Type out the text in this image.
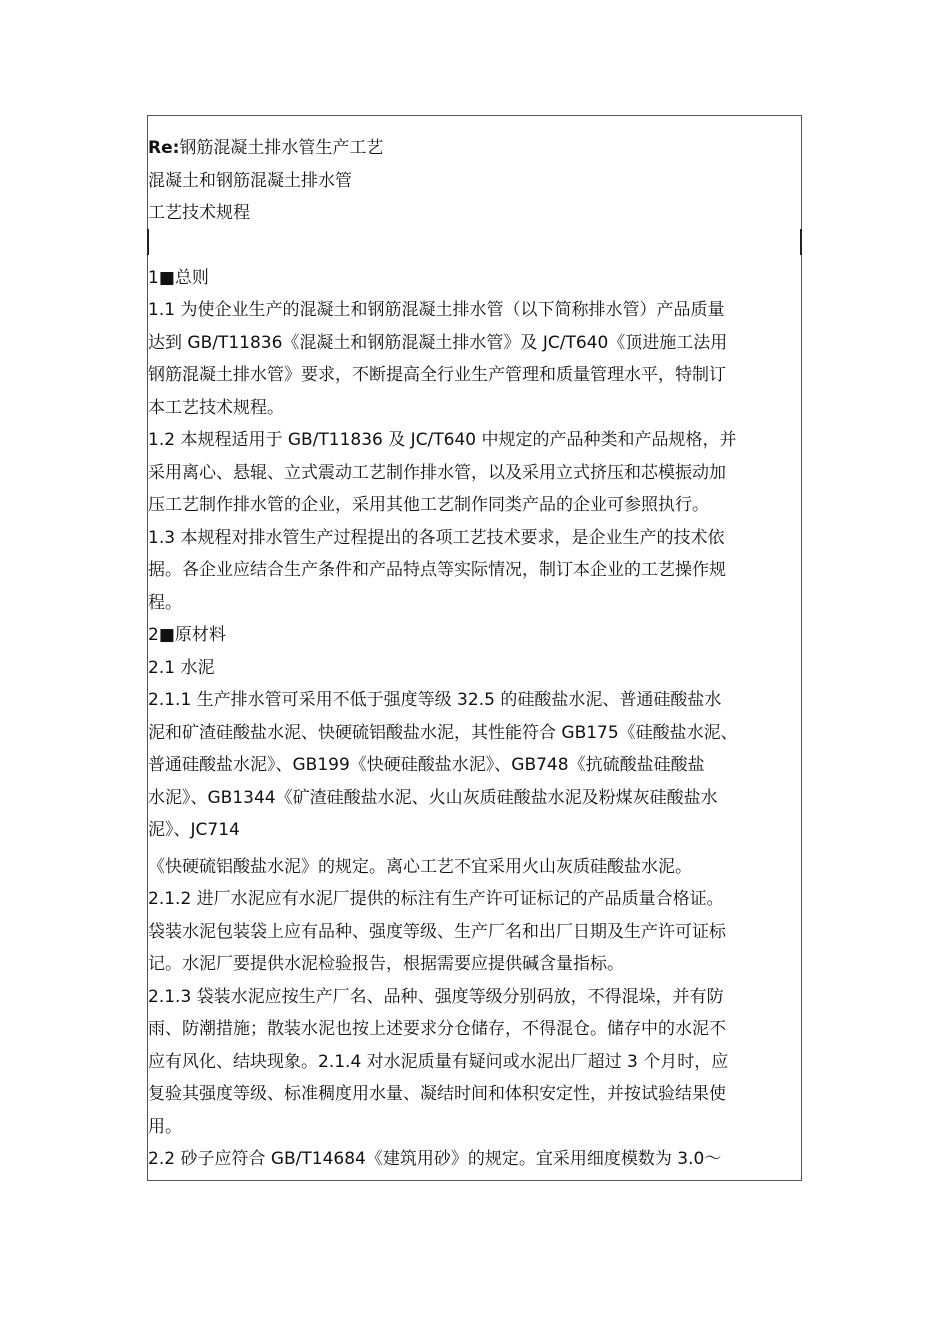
Re:钢筋混凝土排水管生产工艺

混凝土和钢筋混凝土排水管

工艺技术规程

1■总则

1.1 为使企业生产的混凝土和钢筋混凝土排水管（以下简称排水管）产品质量

达到 GB/T11836《混凝土和钢筋混凝土排水管》及 JC/T640《顶进施工法用

钢筋混凝土排水管》要求，不断提高全行业生产管理和质量管理水平，特制订

本工艺技术规程。

1.2 本规程适用于 GB/T11836 及 JC/T640 中规定的产品种类和产品规格，并

采用离心、悬辊、立式震动工艺制作排水管，以及采用立式挤压和芯模振动加

压工艺制作排水管的企业，采用其他工艺制作同类产品的企业可参照执行。

1.3 本规程对排水管生产过程提出的各项工艺技术要求，是企业生产的技术依

据。各企业应结合生产条件和产品特点等实际情况，制订本企业的工艺操作规

程。

2■原材料

2.1 水泥

2.1.1 生产排水管可采用不低于强度等级 32.5 的硅酸盐水泥、普通硅酸盐水

泥和矿渣硅酸盐水泥、快硬硫铝酸盐水泥，其性能符合 GB175《硅酸盐水泥、

普通硅酸盐水泥》、GB199《快硬硅酸盐水泥》、GB748《抗硫酸盐硅酸盐

水泥》、GB1344《矿渣硅酸盐水泥、火山灰质硅酸盐水泥及粉煤灰硅酸盐水

泥》、JC714

《快硬硫铝酸盐水泥》的规定。离心工艺不宜采用火山灰质硅酸盐水泥。

2.1.2 进厂水泥应有水泥厂提供的标注有生产许可证标记的产品质量合格证。

袋装水泥包装袋上应有品种、强度等级、生产厂名和出厂日期及生产许可证标

记。水泥厂要提供水泥检验报告，根据需要应提供碱含量指标。

2.1.3 袋装水泥应按生产厂名、品种、强度等级分别码放，不得混垛，并有防

雨、防潮措施；散装水泥也按上述要求分仓储存，不得混仓。储存中的水泥不

应有风化、结块现象。2.1.4 对水泥质量有疑问或水泥出厂超过 3 个月时，应

复验其强度等级、标准稠度用水量、凝结时间和体积安定性，并按试验结果使

用。

2.2 砂子应符合 GB/T14684《建筑用砂》的规定。宜采用细度模数为 3.0～
